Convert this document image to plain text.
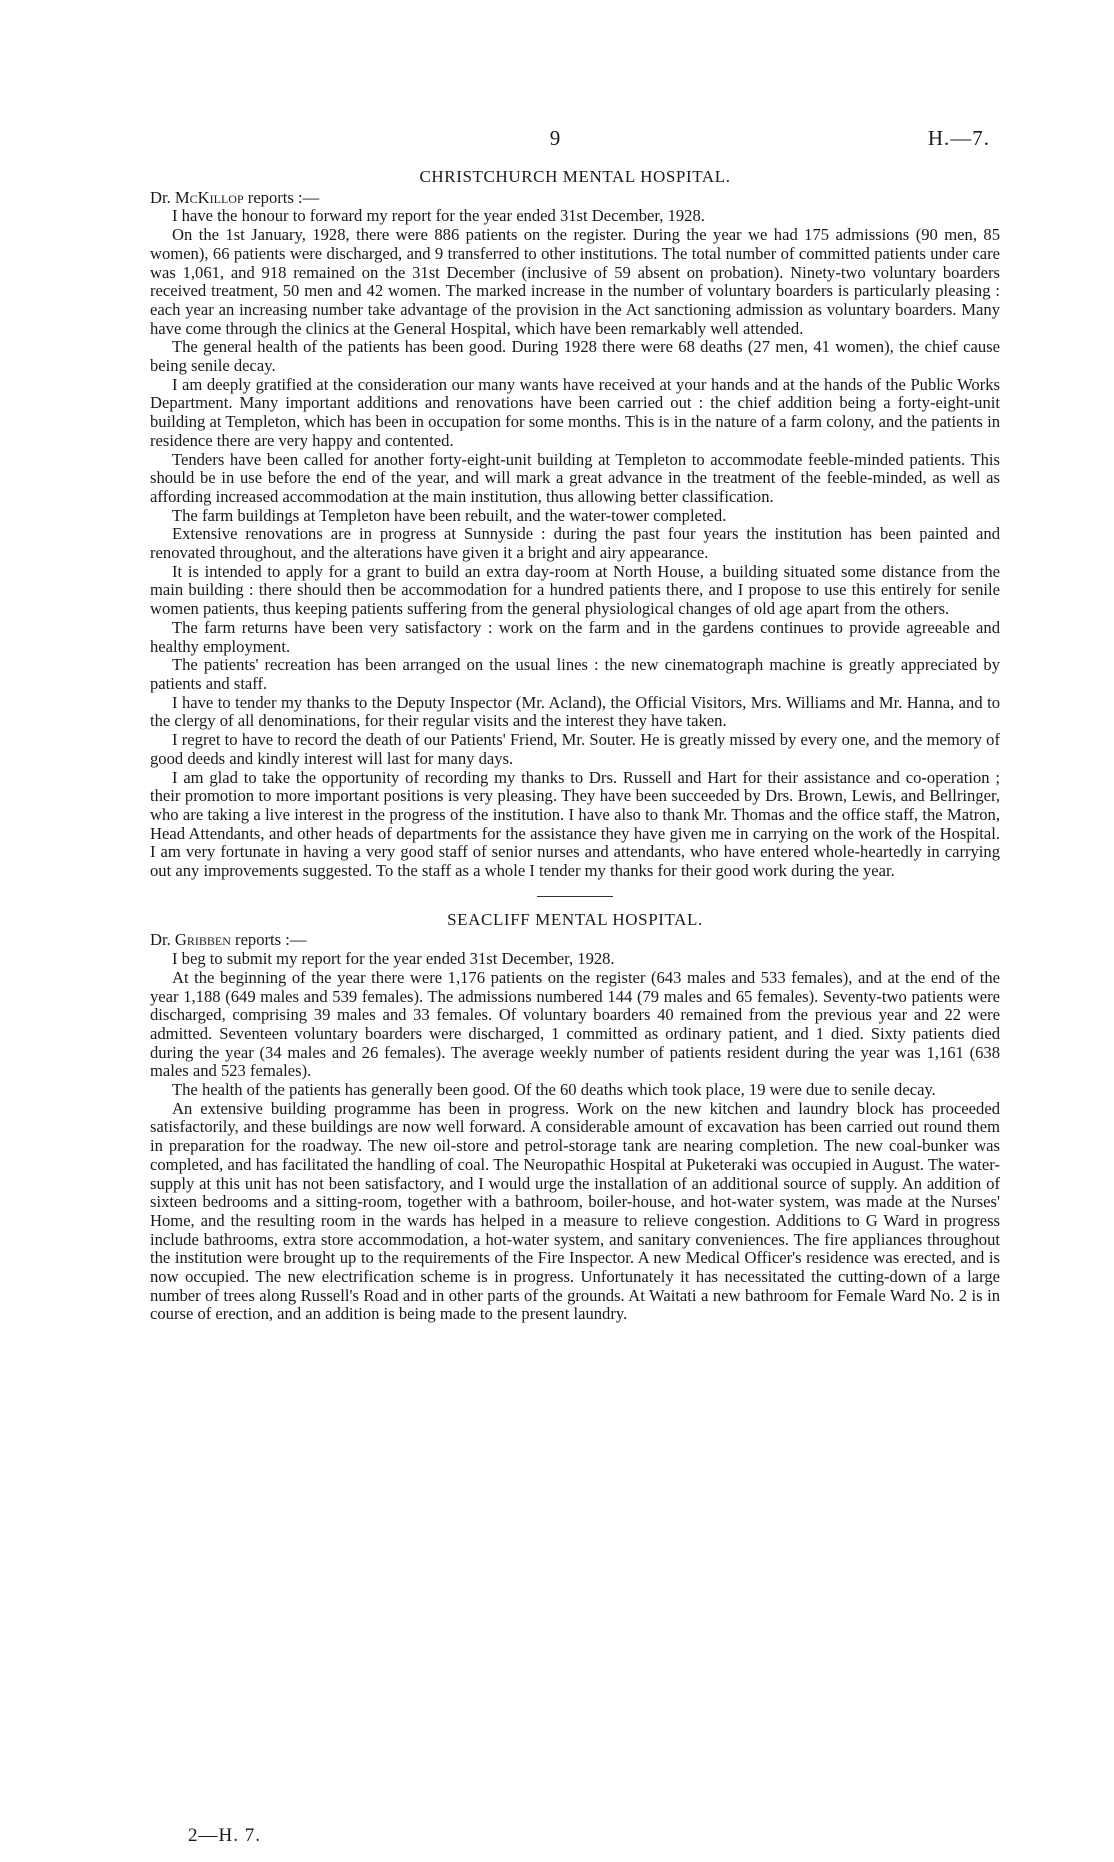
9	H.—7.
CHRISTCHURCH MENTAL HOSPITAL.

Dr. McKillop reports :—

I have the honour to forward my report for the year ended 31st December, 1928.

On the 1st January, 1928, there were 886 patients on the register. During the year we had 175 admissions (90 men, 85 women), 66 patients were discharged, and 9 transferred to other institutions. The total number of committed patients under care was 1,061, and 918 remained on the 31st December (inclusive of 59 absent on probation). Ninety-two voluntary boarders received treatment, 50 men and 42 women. The marked increase in the number of voluntary boarders is particularly pleasing : each year an increasing number take advantage of the provision in the Act sanctioning admission as voluntary boarders. Many have come through the clinics at the General Hospital, which have been remarkably well attended.

The general health of the patients has been good. During 1928 there were 68 deaths (27 men, 41 women), the chief cause being senile decay.

I am deeply gratified at the consideration our many wants have received at your hands and at the hands of the Public Works Department. Many important additions and renovations have been carried out : the chief addition being a forty-eight-unit building at Templeton, which has been in occupation for some months. This is in the nature of a farm colony, and the patients in residence there are very happy and contented.

Tenders have been called for another forty-eight-unit building at Templeton to accommodate feeble-minded patients. This should be in use before the end of the year, and will mark a great advance in the treatment of the feeble-minded, as well as affording increased accommodation at the main institution, thus allowing better classification.

The farm buildings at Templeton have been rebuilt, and the water-tower completed.

Extensive renovations are in progress at Sunnyside : during the past four years the institution has been painted and renovated throughout, and the alterations have given it a bright and airy appearance.

It is intended to apply for a grant to build an extra day-room at North House, a building situated some distance from the main building : there should then be accommodation for a hundred patients there, and I propose to use this entirely for senile women patients, thus keeping patients suffering from the general physiological changes of old age apart from the others.

The farm returns have been very satisfactory : work on the farm and in the gardens continues to provide agreeable and healthy employment.

The patients' recreation has been arranged on the usual lines : the new cinematograph machine is greatly appreciated by patients and staff.

I have to tender my thanks to the Deputy Inspector (Mr. Acland), the Official Visitors, Mrs. Williams and Mr. Hanna, and to the clergy of all denominations, for their regular visits and the interest they have taken.

I regret to have to record the death of our Patients' Friend, Mr. Souter. He is greatly missed by every one, and the memory of good deeds and kindly interest will last for many days.

I am glad to take the opportunity of recording my thanks to Drs. Russell and Hart for their assistance and co-operation ; their promotion to more important positions is very pleasing. They have been succeeded by Drs. Brown, Lewis, and Bellringer, who are taking a live interest in the progress of the institution. I have also to thank Mr. Thomas and the office staff, the Matron, Head Attendants, and other heads of departments for the assistance they have given me in carrying on the work of the Hospital. I am very fortunate in having a very good staff of senior nurses and attendants, who have entered whole-heartedly in carrying out any improvements suggested. To the staff as a whole I tender my thanks for their good work during the year.

SEACLIFF MENTAL HOSPITAL.

Dr. Gribben reports :—

I beg to submit my report for the year ended 31st December, 1928.

At the beginning of the year there were 1,176 patients on the register (643 males and 533 females), and at the end of the year 1,188 (649 males and 539 females). The admissions numbered 144 (79 males and 65 females). Seventy-two patients were discharged, comprising 39 males and 33 females. Of voluntary boarders 40 remained from the previous year and 22 were admitted. Seventeen voluntary boarders were discharged, 1 committed as ordinary patient, and 1 died. Sixty patients died during the year (34 males and 26 females). The average weekly number of patients resident during the year was 1,161 (638 males and 523 females).

The health of the patients has generally been good. Of the 60 deaths which took place, 19 were due to senile decay.

An extensive building programme has been in progress. Work on the new kitchen and laundry block has proceeded satisfactorily, and these buildings are now well forward. A considerable amount of excavation has been carried out round them in preparation for the roadway. The new oil-store and petrol-storage tank are nearing completion. The new coal-bunker was completed, and has facilitated the handling of coal. The Neuropathic Hospital at Puketeraki was occupied in August. The water-supply at this unit has not been satisfactory, and I would urge the installation of an additional source of supply. An addition of sixteen bedrooms and a sitting-room, together with a bathroom, boiler-house, and hot-water system, was made at the Nurses' Home, and the resulting room in the wards has helped in a measure to relieve congestion. Additions to G Ward in progress include bathrooms, extra store accommodation, a hot-water system, and sanitary conveniences. The fire appliances throughout the institution were brought up to the requirements of the Fire Inspector. A new Medical Officer's residence was erected, and is now occupied. The new electrification scheme is in progress. Unfortunately it has necessitated the cutting-down of a large number of trees along Russell's Road and in other parts of the grounds. At Waitati a new bathroom for Female Ward No. 2 is in course of erection, and an addition is being made to the present laundry.

2—H. 7.
